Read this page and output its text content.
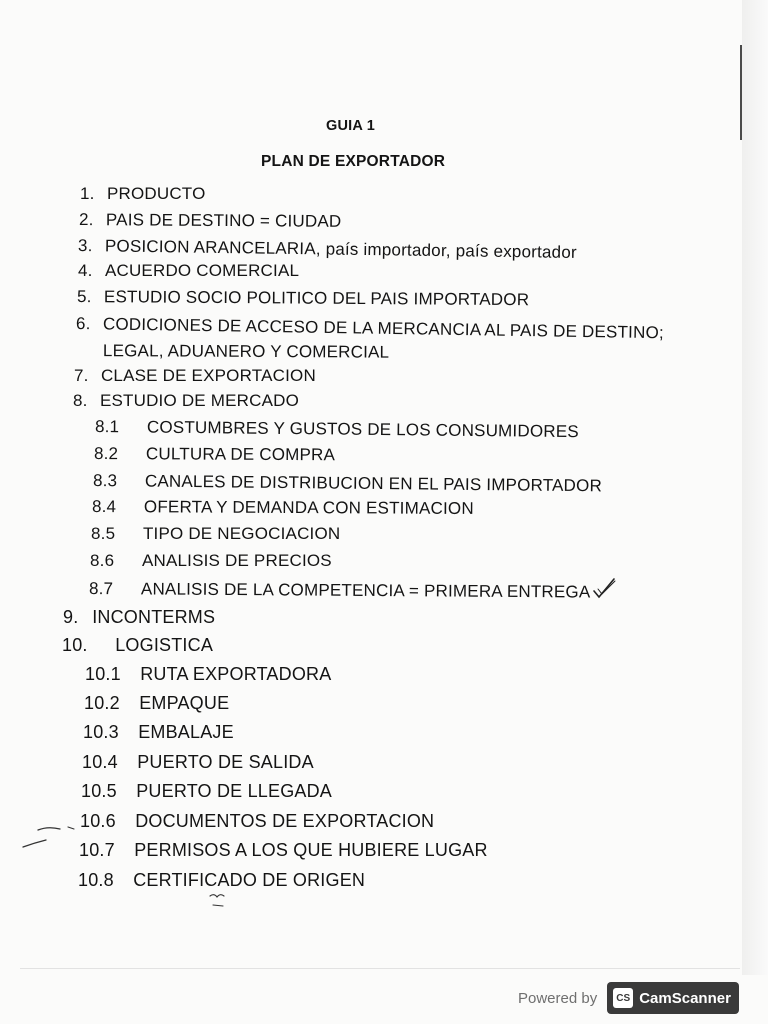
GUIA 1
PLAN DE EXPORTADOR
1. PRODUCTO
2. PAIS DE DESTINO = CIUDAD
3. POSICION ARANCELARIA, país importador, país exportador
4. ACUERDO COMERCIAL
5. ESTUDIO SOCIO POLITICO DEL PAIS IMPORTADOR
6. CODICIONES DE ACCESO DE LA MERCANCIA AL PAIS DE DESTINO;
LEGAL, ADUANERO Y COMERCIAL
7. CLASE DE EXPORTACION
8. ESTUDIO DE MERCADO
8.1 COSTUMBRES Y GUSTOS DE LOS CONSUMIDORES
8.2 CULTURA DE COMPRA
8.3 CANALES DE DISTRIBUCION EN EL PAIS IMPORTADOR
8.4 OFERTA Y DEMANDA CON ESTIMACION
8.5 TIPO DE NEGOCIACION
8.6 ANALISIS DE PRECIOS
8.7 ANALISIS DE LA COMPETENCIA = PRIMERA ENTREGA
9. INCONTERMS
10. LOGISTICA
10.1 RUTA EXPORTADORA
10.2 EMPAQUE
10.3 EMBALAJE
10.4 PUERTO DE SALIDA
10.5 PUERTO DE LLEGADA
10.6 DOCUMENTOS DE EXPORTACION
10.7 PERMISOS A LOS QUE HUBIERE LUGAR
10.8 CERTIFICADO DE ORIGEN
Powered by	CS CamScanner
